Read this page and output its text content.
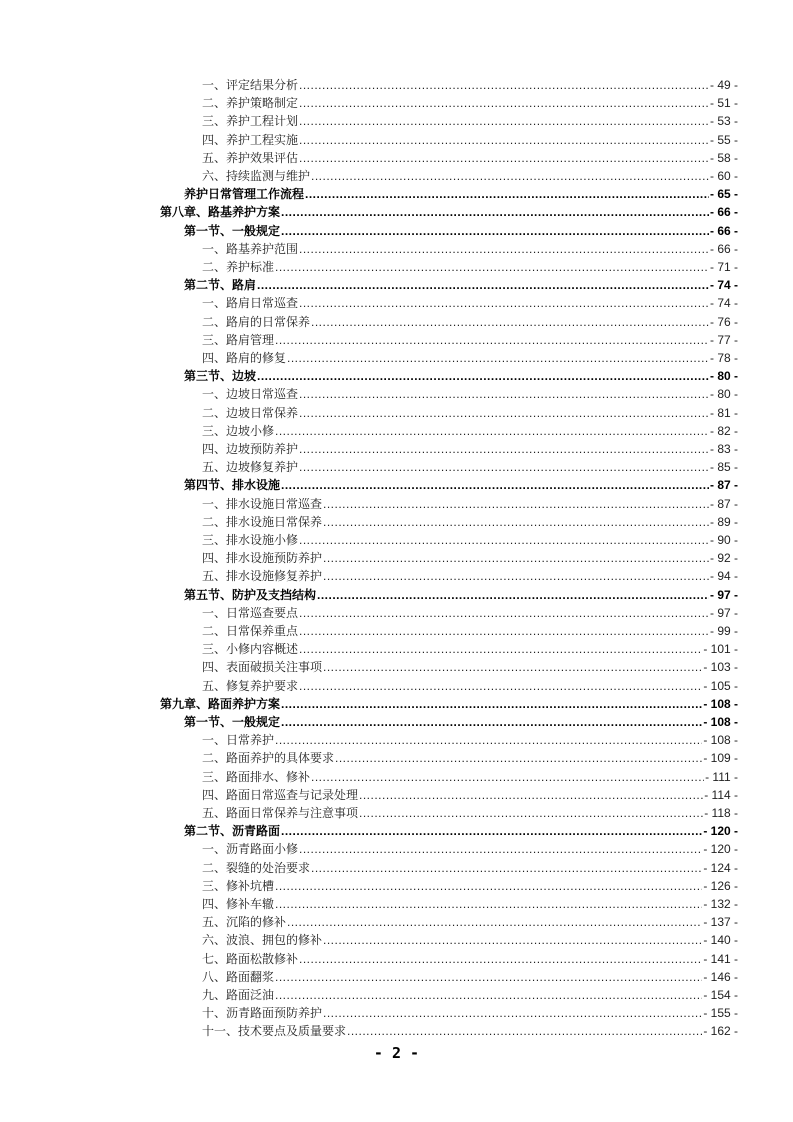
一、评定结果分析 .....	- 49 -
二、养护策略制定 .....	- 51 -
三、养护工程计划 .....	- 53 -
四、养护工程实施 .....	- 55 -
五、养护效果评估 .....	- 58 -
六、持续监测与维护 .....	- 60 -
养护日常管理工作流程 .....	- 65 -
第八章、路基养护方案 .....	- 66 -
第一节、一般规定 .....	- 66 -
一、路基养护范围 .....	- 66 -
二、养护标准 .....	- 71 -
第二节、路肩 .....	- 74 -
一、路肩日常巡查 .....	- 74 -
二、路肩的日常保养 .....	- 76 -
三、路肩管理 .....	- 77 -
四、路肩的修复 .....	- 78 -
第三节、边坡 .....	- 80 -
一、边坡日常巡查 .....	- 80 -
二、边坡日常保养 .....	- 81 -
三、边坡小修 .....	- 82 -
四、边坡预防养护 .....	- 83 -
五、边坡修复养护 .....	- 85 -
第四节、排水设施 .....	- 87 -
一、排水设施日常巡查 .....	- 87 -
二、排水设施日常保养 .....	- 89 -
三、排水设施小修 .....	- 90 -
四、排水设施预防养护 .....	- 92 -
五、排水设施修复养护 .....	- 94 -
第五节、防护及支挡结构 .....	- 97 -
一、日常巡查要点 .....	- 97 -
二、日常保养重点 .....	- 99 -
三、小修内容概述 .....	- 101 -
四、表面破损关注事项 .....	- 103 -
五、修复养护要求 .....	- 105 -
第九章、路面养护方案 .....	- 108 -
第一节、一般规定 .....	- 108 -
一、日常养护 .....	- 108 -
二、路面养护的具体要求 .....	- 109 -
三、路面排水、修补 .....	- 111 -
四、路面日常巡查与记录处理 .....	- 114 -
五、路面日常保养与注意事项 .....	- 118 -
第二节、沥青路面 .....	- 120 -
一、沥青路面小修 .....	- 120 -
二、裂缝的处治要求 .....	- 124 -
三、修补坑槽 .....	- 126 -
四、修补车辙 .....	- 132 -
五、沉陷的修补 .....	- 137 -
六、波浪、拥包的修补 .....	- 140 -
七、路面松散修补 .....	- 141 -
八、路面翻浆 .....	- 146 -
九、路面泛油 .....	- 154 -
十、沥青路面预防养护 .....	- 155 -
十一、技术要点及质量要求 .....	- 162 -
- 2 -
